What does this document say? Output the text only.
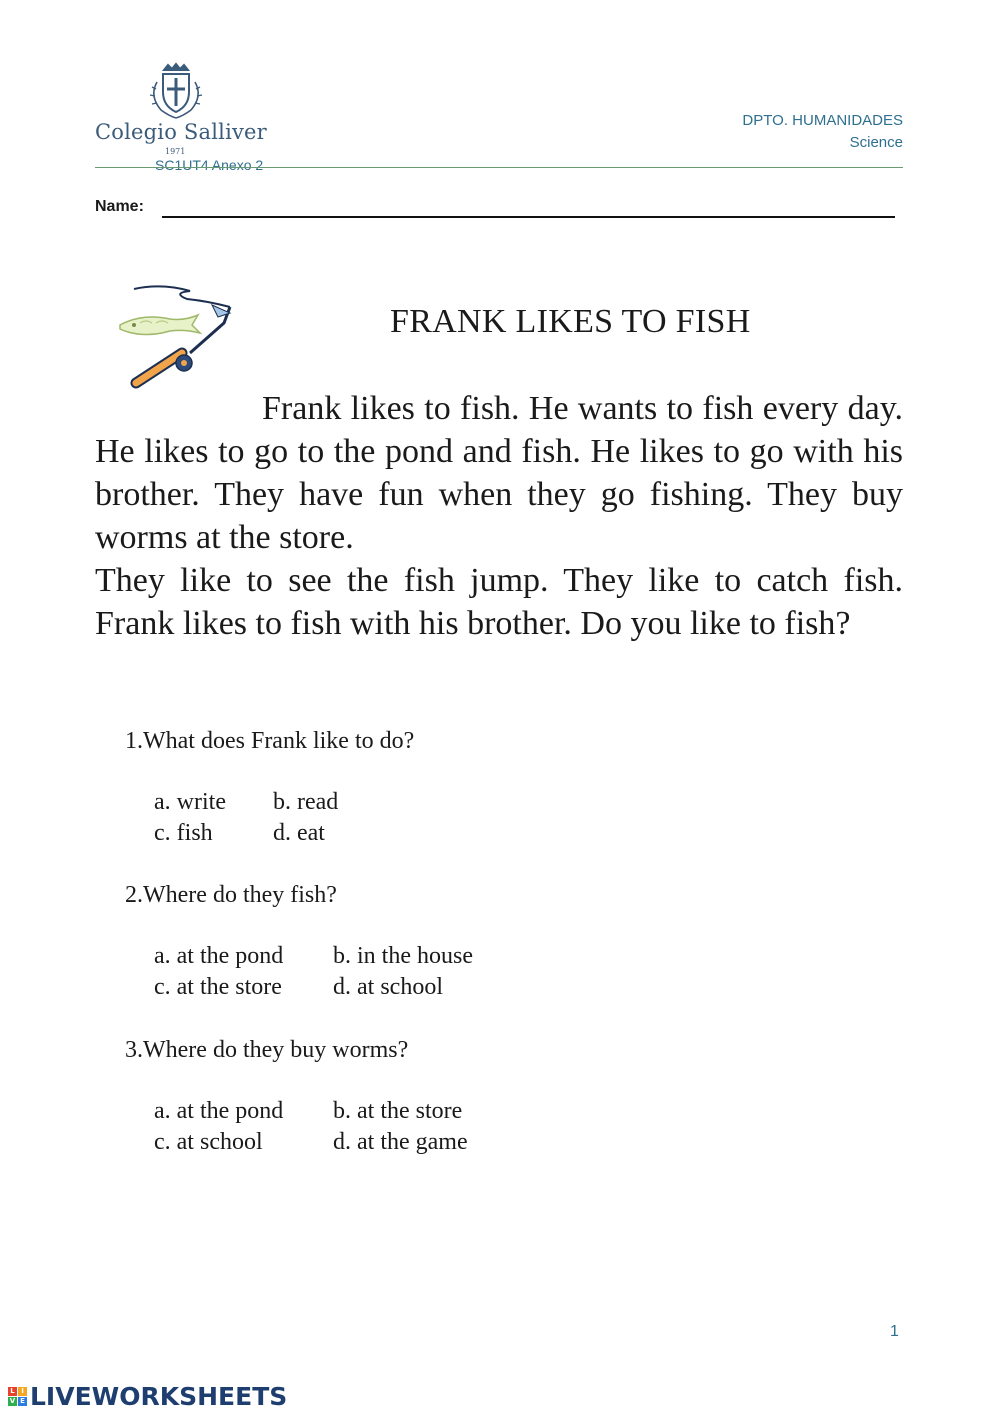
Colegio Salliver
1971
SC1UT4 Anexo 2
DPTO. HUMANIDADES
Science
Name:
FRANK LIKES TO FISH

Frank likes to fish. He wants to fish every day. He likes to go to the pond and fish. He likes to go with his brother. They have fun when they go fishing. They buy worms at the store.

They like to see the fish jump. They like to catch fish. Frank likes to fish with his brother. Do you like to fish?

1.What does Frank like to do?
a. write b. read
c. fish	d. eat
2.Where do they fish?
a. at the pond b. in the house
c. at the store d. at school
3.Where do they buy worms?
a. at the pond b. at the store
c. at school	d. at the game
1
L I
V E LIVEWORKSHEETS
